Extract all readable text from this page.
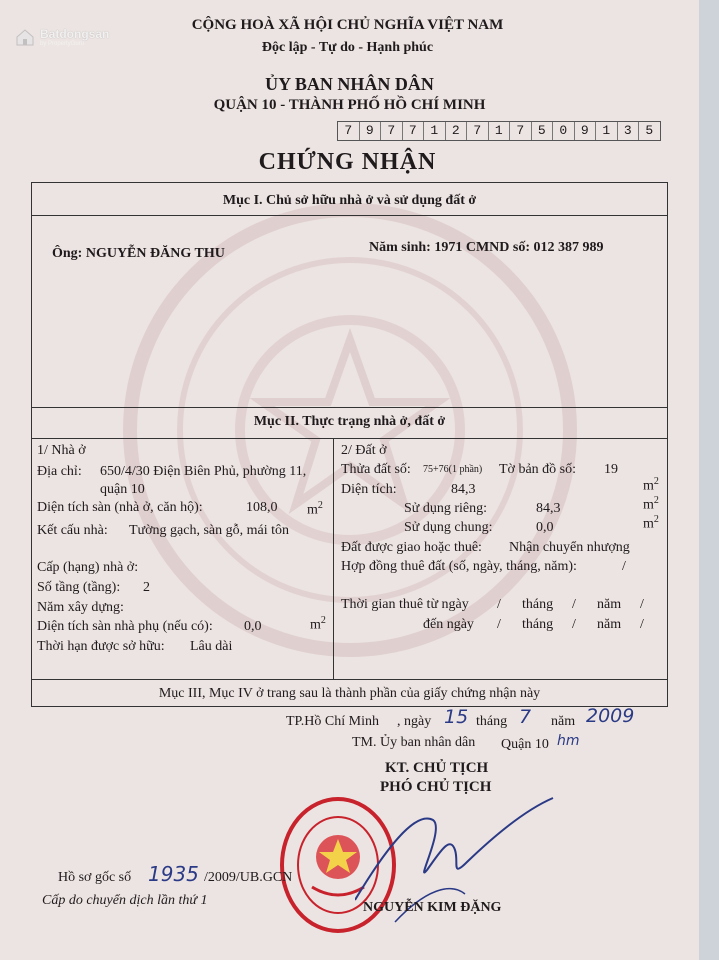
Batdongsan
by PropertyGuru
CỘNG HOÀ XÃ HỘI CHỦ NGHĨA VIỆT NAM
Độc lập - Tự do - Hạnh phúc
ỦY BAN NHÂN DÂN
QUẬN 10 - THÀNH PHỐ HỒ CHÍ MINH
7	9	7	7	1	2	7	1	7	5	0	9	1	3	5
CHỨNG NHẬN
Mục I. Chủ sở hữu nhà ở và sử dụng đất ở
Ông: NGUYỄN ĐĂNG THU	Năm sinh: 1971 CMND số: 012 387 989
Mục II. Thực trạng nhà ở, đất ở
1/ Nhà ở
Địa chỉ: 650/4/30 Điện Biên Phủ, phường 11,
quận 10
Diện tích sàn (nhà ở, căn hộ):	108,0 $m^2$
Kết cấu nhà: Tường gạch, sàn gỗ, mái tôn
Cấp (hạng) nhà ở:
Số tầng (tầng): 2
Năm xây dựng:
Diện tích sàn nhà phụ (nếu có): 0,0	$m^2$
Thời hạn được sở hữu: Lâu dài
2/ Đất ở
Thửa đất số: 75+76(1 phần) Tờ bản đồ số: 19
Diện tích:	84,3	$m^2$
Sử dụng riêng:	84,3	$m^2$
Sử dụng chung:	0,0	$m^2$
Đất được giao hoặc thuê: Nhận chuyển nhượng
Hợp đồng thuê đất (số, ngày, tháng, năm):	/
Thời gian thuê từ ngày / tháng / năm /
đến ngày / tháng / năm /
Mục III, Mục IV ở trang sau là thành phần của giấy chứng nhận này
TP.Hồ Chí Minh , ngày 15 tháng 7 năm 2009
TM. Ủy ban nhân dân Quận 10 hm
KT. CHỦ TỊCH
PHÓ CHỦ TỊCH
Hồ sơ gốc số 1935 /2009/UB.GCN
Cấp do chuyển dịch lần thứ 1	NGUYỄN KIM ĐẶNG
